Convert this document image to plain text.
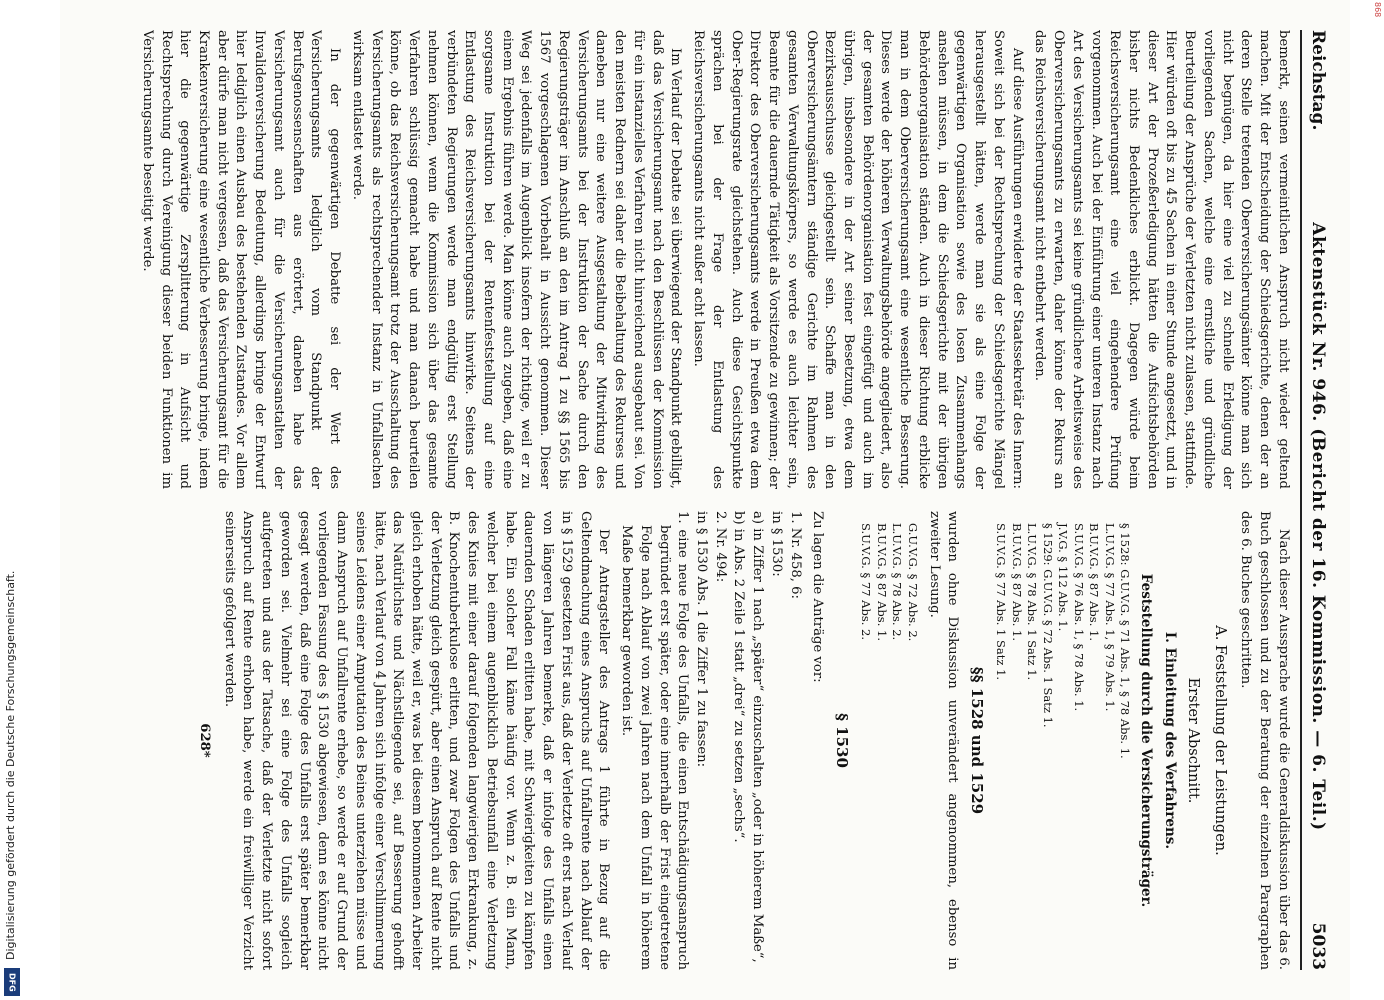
DFG
Digitalisierung gefördert durch die Deutsche Forschungsgemeinschaft.
868
Reichstag.
Aktenstück Nr. 946. (Bericht der 16. Kommission. — 6. Teil.)
5033

bemerkt, seinen vermeintlichen Anspruch nicht wieder geltend machen. Mit der Entscheidung der Schiedsgerichte, denen der an deren Stelle tretenden Oberversicherungsämter könne man sich nicht begnügen, da hier eine viel zu schnelle Erledigung der vorliegenden Sachen, welche eine ernstliche und gründliche Beurteilung der Ansprüche der Verletzten nicht zulassen, stattfinde. Hier würden oft bis zu 45 Sachen in einer Stunde angesetzt, und in dieser Art der Prozeßerledigung hätten die Aufsichtsbehörden bisher nichts Bedenkliches erblickt. Dagegen würde beim Reichsversicherungsamt eine viel eingehendere Prüfung vorgenommen. Auch bei der Einführung einer unteren Instanz nach Art des Versicherungsamts sei keine gründlichere Arbeitsweise des Oberversicherungsamts zu erwarten, daher könne der Rekurs an das Reichsversicherungsamt nicht entbehrt werden.

Auf diese Ausführungen erwiderte der Staatssekretär des Innern: Soweit sich bei der Rechtsprechung der Schiedsgerichte Mängel herausgestellt hätten, werde man sie als eine Folge der gegenwärtigen Organisation sowie des losen Zusammenhangs ansehen müssen, in dem die Schiedsgerichte mit der übrigen Behördenorganisation ständen. Auch in dieser Richtung erblicke man in dem Oberversicherungsamt eine wesentliche Besserung. Dieses werde der höheren Verwaltungsbehörde angegliedert, also der gesamten Behördenorganisation fest eingefügt und auch im übrigen, insbesondere in der Art seiner Besetzung, etwa dem Bezirksausschusse gleichgestellt sein. Schaffe man in den Oberversicherungsämtern ständige Gerichte im Rahmen des gesamten Verwaltungskörpers, so werde es auch leichter sein, Beamte für die dauernde Tätigkeit als Vorsitzende zu gewinnen; der Direktor des Oberversicherungsamts werde in Preußen etwa dem Ober-Regierungsrate gleichstehen. Auch diese Gesichtspunkte sprächen bei der Frage der Entlastung des Reichsversicherungsamts nicht außer acht lassen.

Im Verlauf der Debatte sei überwiegend der Standpunkt gebilligt, daß das Versicherungsamt nach den Beschlüssen der Kommission für ein instanzielles Verfahren nicht hinreichend ausgebaut sei. Von den meisten Rednern sei daher die Beibehaltung des Rekurses und daneben nur eine weitere Ausgestaltung der Mitwirkung des Versicherungsamts bei der Instruktion der Sache durch den Regierungsträger im Anschluß an den im Antrag 1 zu §§ 1565 bis 1567 vorgeschlagenen Vorbehalt in Aussicht genommen. Dieser Weg sei jedenfalls im Augenblick insofern der richtige, weil er zu einem Ergebnis führen werde. Man könne auch zugeben, daß eine sorgsame Instruktion bei der Rentenfeststellung auf eine Entlastung des Reichsversicherungsamts hinwirke. Seitens der verbündeten Regierungen werde man endgültig erst Stellung nehmen können, wenn die Kommission sich über das gesamte Verfahren schlüssig gemacht habe und man danach beurteilen könne, ob das Reichsversicherungsamt trotz der Ausschaltung des Versicherungsamts als rechtsprechender Instanz in Unfallsachen wirksam entlastet werde.

In der gegenwärtigen Debatte sei der Wert des Versicherungsamts lediglich vom Standpunkt der Berufsgenossenschaften aus erörtert, daneben habe das Versicherungsamt auch für die Versicherungsanstalten der Invalidenversicherung Bedeutung, allerdings bringe der Entwurf hier lediglich einen Ausbau des bestehenden Zustandes. Vor allem aber dürfe man nicht vergessen, daß das Versicherungsamt für die Krankenversicherung eine wesentliche Verbesserung bringe, indem hier die gegenwärtige Zersplitterung in Aufsicht und Rechtsprechung durch Vereinigung dieser beiden Funktionen im Versicherungsamte beseitigt werde.

Nach dieser Aussprache wurde die Generaldiskussion über das 6. Buch geschlossen und zu der Beratung der einzelnen Paragraphen des 6. Buches geschritten.

A. Feststellung der Leistungen.
Erster Abschnitt.
I. Einleitung des Verfahrens.
Feststellung durch die Versicherungsträger.
§ 1528: G.U.V.G. § 71 Abs. 1, § 78 Abs. 1.
L.U.V.G. § 77 Abs. 1, § 79 Abs. 1.
B.U.V.G. § 87 Abs. 1.
S.U.V.G. § 76 Abs. 1, § 78 Abs. 1.
J.V.G. § 112 Abs. 1.
§ 1529: G.U.V.G. § 72 Abs. 1 Satz 1.
L.U.V.G. § 78 Abs. 1 Satz 1.
B.U.V.G. § 87 Abs. 1.
S.U.V.G. § 77 Abs. 1 Satz 1.
§§ 1528 und 1529

wurden ohne Diskussion unverändert angenommen, ebenso in zweiter Lesung.

G.U.V.G. § 72 Abs. 2.
L.U.V.G. § 78 Abs. 2.
B.U.V.G. § 87 Abs. 1.
S.U.V.G. § 77 Abs. 2.
§ 1530

Zu lagen die Anträge vor:

1. Nr. 458, 6:
in § 1530:
a) in Ziffer 1 nach „später“ einzuschalten „oder in höherem Maße“,
b) in Abs. 2 Zeile 1 statt „drei“ zu setzen „sechs“.
2. Nr. 494:
in § 1530 Abs. 1 die Ziffer 1 zu fassen:
1. eine neue Folge des Unfalls, die einen Entschädigungsanspruch begründet erst später, oder eine innerhalb der Frist eingetretene Folge nach Ablauf von zwei Jahren nach dem Unfall in höherem Maße bemerkbar geworden ist.

Der Antragsteller des Antrags 1 führte in Bezug auf die Geltendmachung eines Anspruchs auf Unfallrente nach Ablauf der in § 1529 gesetzten Frist aus, daß der Verletzte oft erst nach Verlauf von längeren Jahren bemerke, daß er infolge des Unfalls einen dauernden Schaden erlitten habe, mit Schwierigkeiten zu kämpfen habe. Ein solcher Fall käme häufig vor. Wenn z. B. ein Mann, welcher bei einem augenblicklich Betriebsunfall eine Verletzung des Knies mit einer darauf folgenden langwierigen Erkrankung, z. B. Knochentuberkulose erlitten, und zwar Folgen des Unfalls und der Verletzung gleich gespürt, aber einen Anspruch auf Rente nicht gleich erhoben hätte, weil er, was bei diesem benommenen Arbeiter das Natürlichste und Nächstliegende sei, auf Besserung gehofft hätte, nach Verlauf von 4 Jahren sich infolge einer Verschlimmerung seines Leidens einer Amputation des Beines unterziehen müsse und dann Anspruch auf Unfallrente erhebe, so werde er auf Grund der vorliegenden Fassung des § 1530 abgewiesen, denn es könne nicht gesagt werden, daß eine Folge des Unfalls erst später bemerkbar geworden sei. Vielmehr sei eine Folge des Unfalls sogleich aufgetreten und aus der Tatsache, daß der Verletzte nicht sofort Anspruch auf Rente erhoben habe, werde ein freiwilliger Verzicht seinerseits gefolgert werden.

628*
